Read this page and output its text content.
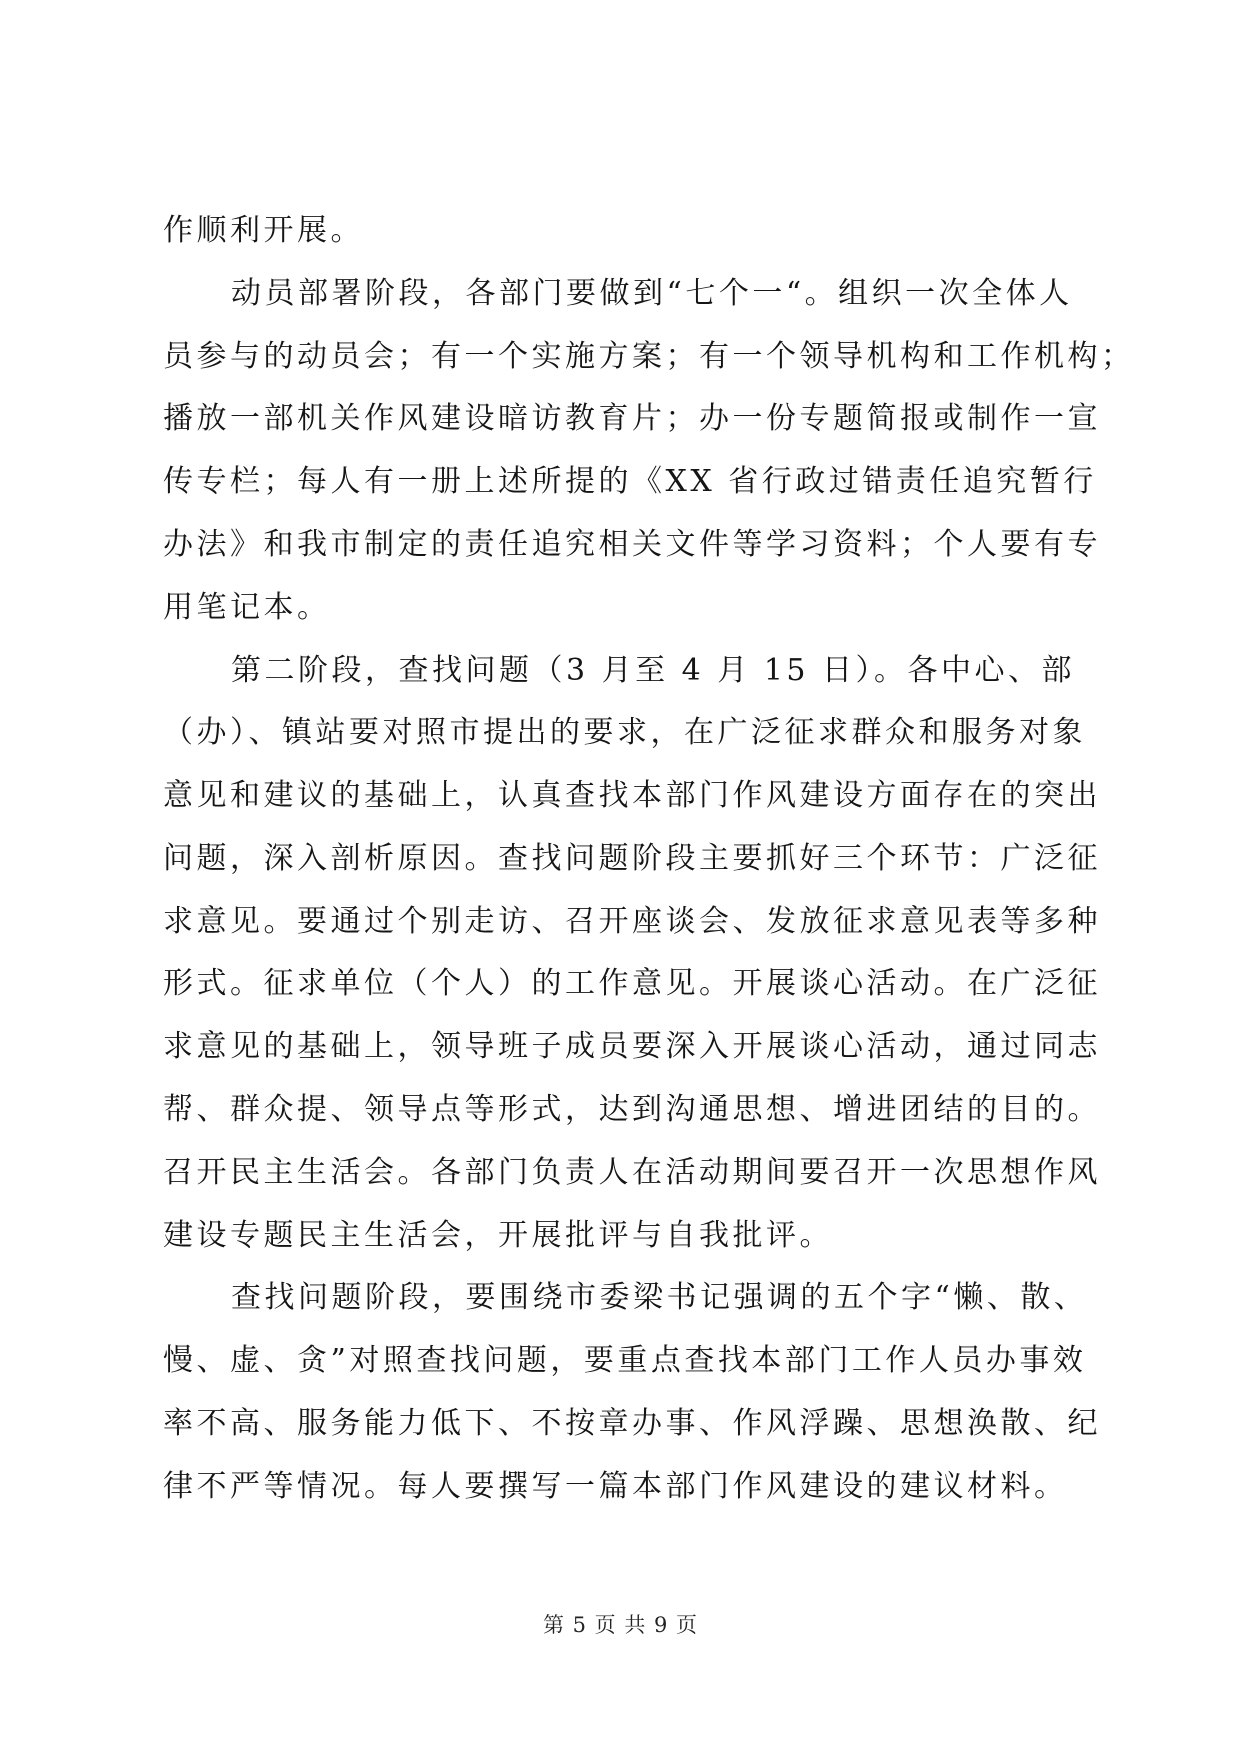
作顺利开展。
动员部署阶段，各部门要做到“七个一“。组织一次全体人
员参与的动员会；有一个实施方案；有一个领导机构和工作机构；
播放一部机关作风建设暗访教育片；办一份专题简报或制作一宣
传专栏；每人有一册上述所提的《XX 省行政过错责任追究暂行
办法》和我市制定的责任追究相关文件等学习资料；个人要有专
用笔记本。
第二阶段，查找问题（3 月至 4 月 15 日）。各中心、部
（办）、镇站要对照市提出的要求，在广泛征求群众和服务对象
意见和建议的基础上，认真查找本部门作风建设方面存在的突出
问题，深入剖析原因。查找问题阶段主要抓好三个环节：广泛征
求意见。要通过个别走访、召开座谈会、发放征求意见表等多种
形式。征求单位（个人）的工作意见。开展谈心活动。在广泛征
求意见的基础上，领导班子成员要深入开展谈心活动，通过同志
帮、群众提、领导点等形式，达到沟通思想、增进团结的目的。
召开民主生活会。各部门负责人在活动期间要召开一次思想作风
建设专题民主生活会，开展批评与自我批评。
查找问题阶段，要围绕市委梁书记强调的五个字“懒、散、
慢、虚、贪”对照查找问题，要重点查找本部门工作人员办事效
率不高、服务能力低下、不按章办事、作风浮躁、思想涣散、纪
律不严等情况。每人要撰写一篇本部门作风建设的建议材料。
第 5 页 共 9 页
